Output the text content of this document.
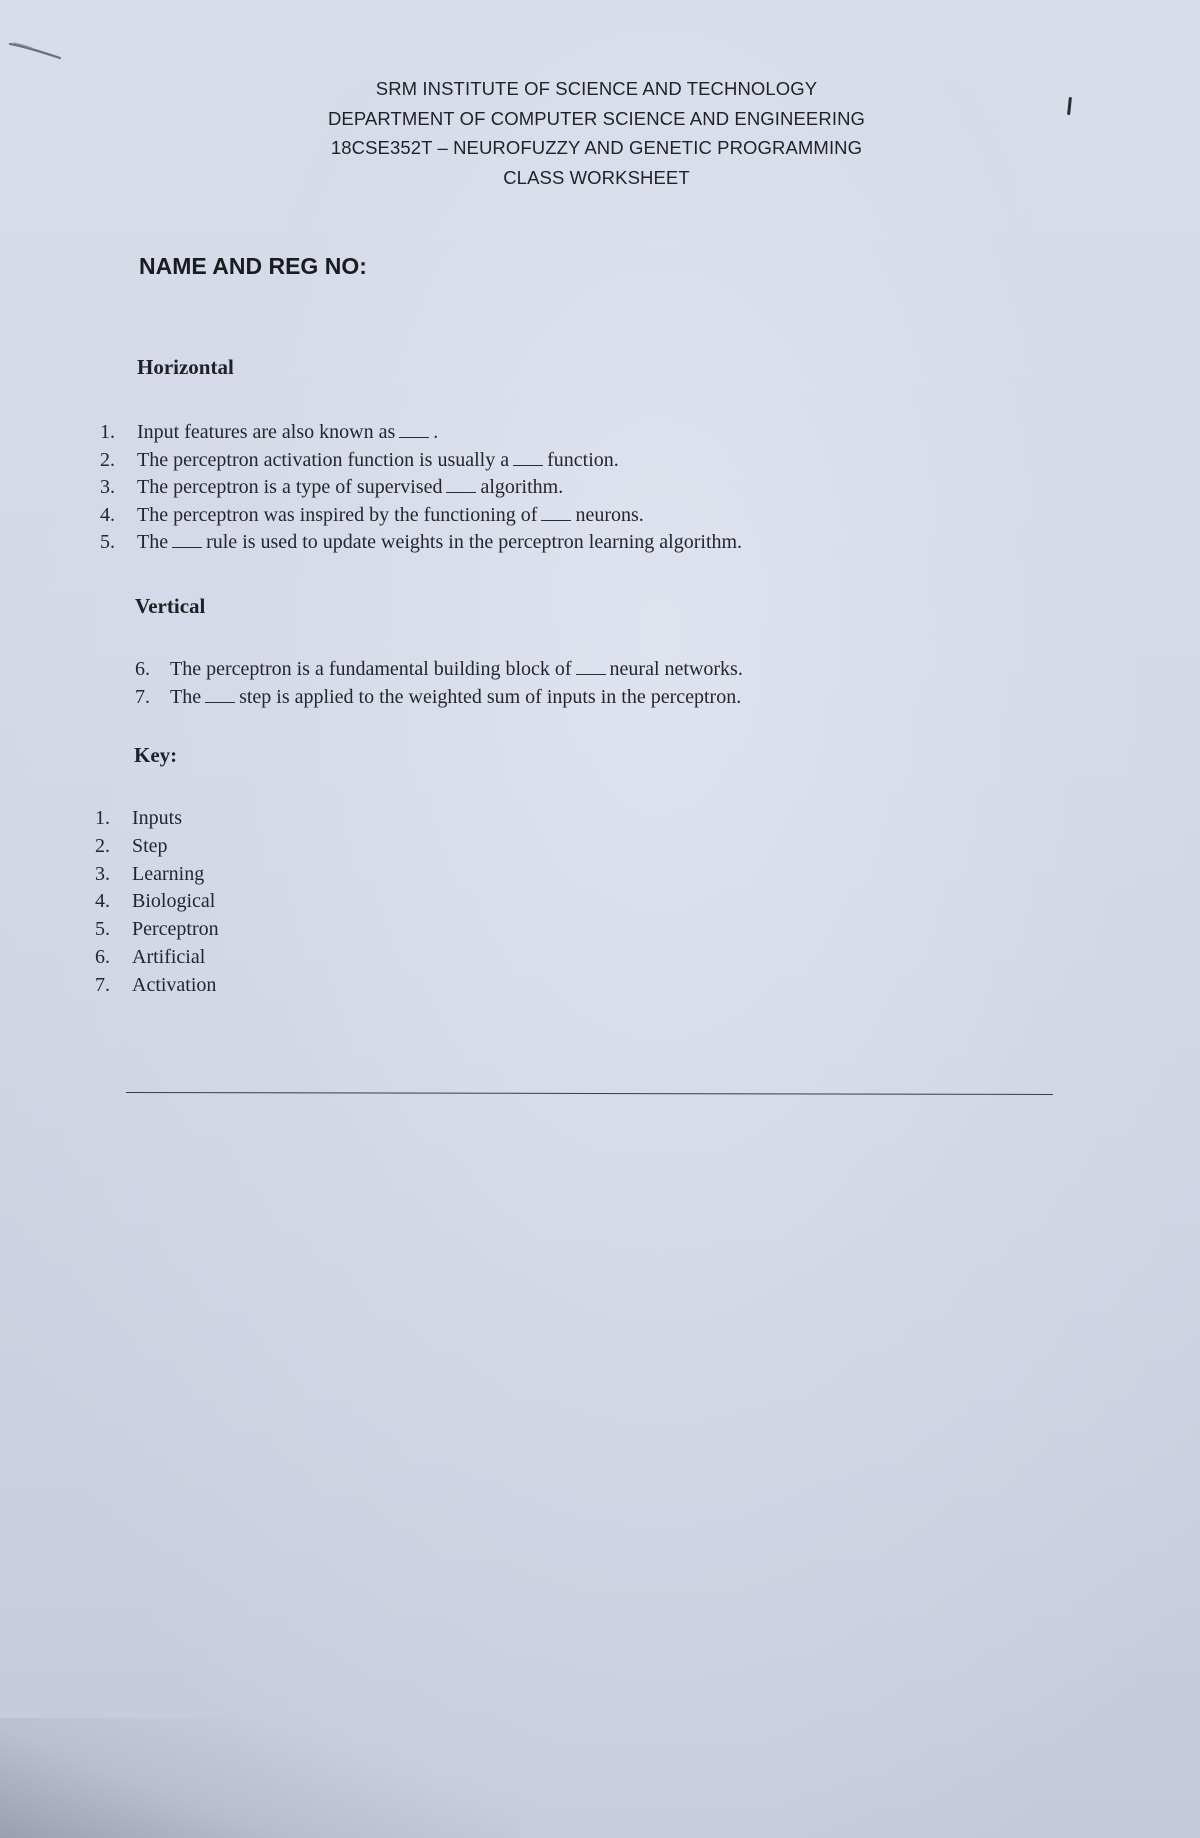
SRM INSTITUTE OF SCIENCE AND TECHNOLOGY
DEPARTMENT OF COMPUTER SCIENCE AND ENGINEERING
18CSE352T – NEUROFUZZY AND GENETIC PROGRAMMING
CLASS WORKSHEET
NAME AND REG NO:
Horizontal
1. Input features are also known as .
2. The perceptron activation function is usually a function.
3. The perceptron is a type of supervised algorithm.
4. The perceptron was inspired by the functioning of neurons.
5. The rule is used to update weights in the perceptron learning algorithm.
Vertical
6. The perceptron is a fundamental building block of neural networks.
7. The step is applied to the weighted sum of inputs in the perceptron.
Key:
1. Inputs
2. Step
3. Learning
4. Biological
5. Perceptron
6. Artificial
7. Activation
